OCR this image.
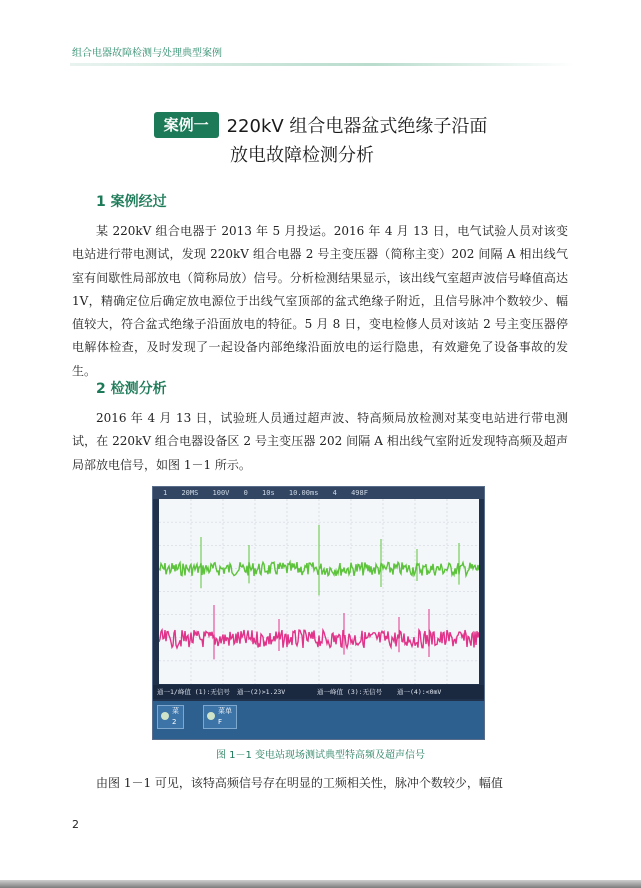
组合电器故障检测与处理典型案例
案例一 220kV 组合电器盆式绝缘子沿面
放电故障检测分析
1 案例经过
某 220kV 组合电器于 2013 年 5 月投运。2016 年 4 月 13 日，电气试验人员对该变电站进行带电测试，发现 220kV 组合电器 2 号主变压器（简称主变）202 间隔 A 相出线气室有间歇性局部放电（简称局放）信号。分析检测结果显示，该出线气室超声波信号峰值高达 1V，精确定位后确定放电源位于出线气室顶部的盆式绝缘子附近，且信号脉冲个数较少、幅值较大，符合盆式绝缘子沿面放电的特征。5 月 8 日，变电检修人员对该站 2 号主变压器停电解体检查，及时发现了一起设备内部绝缘沿面放电的运行隐患，有效避免了设备事故的发生。
2 检测分析
2016 年 4 月 13 日，试验班人员通过超声波、特高频局放检测对某变电站进行带电测试，在 220kV 组合电器设备区 2 号主变压器 202 间隔 A 相出线气室附近发现特高频及超声局部放电信号，如图 1－1 所示。
1 20MS 100V 0 10s 10.00ms 4 498F
通一1/峰值 (1):无信号 通一(2)>1.23V	通一峰值 (3):无信号 通一(4):<0mV
菜
2
菜单
F
图 1－1 变电站现场测试典型特高频及超声信号
由图 1－1 可见，该特高频信号存在明显的工频相关性，脉冲个数较少，幅值
2
